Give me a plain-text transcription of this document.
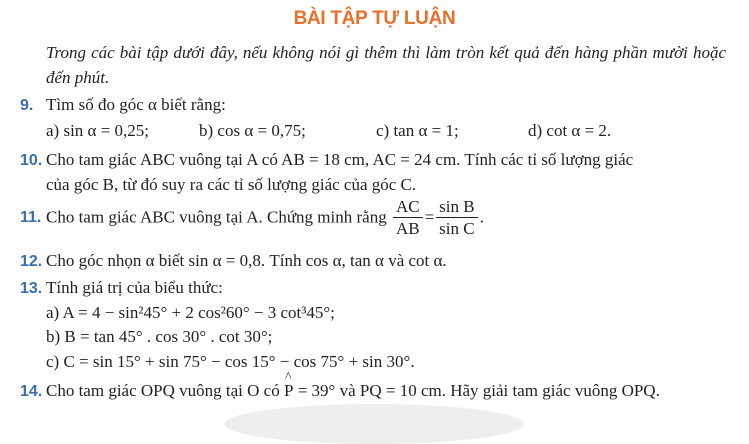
BÀI TẬP TỰ LUẬN
Trong các bài tập dưới đây, nếu không nói gì thêm thì làm tròn kết quả đến hàng phần mười hoặc đến phút.
9. Tìm số đo góc α biết rằng:
a) sin α = 0,25;	b) cos α = 0,75;	c) tan α = 1;	d) cot α = 2.
10. Cho tam giác ABC vuông tại A có AB = 18 cm, AC = 24 cm. Tính các tỉ số lượng giác
của góc B, từ đó suy ra các tỉ số lượng giác của góc C.
11. Cho tam giác ABC vuông tại A. Chứng minh rằng $\frac{AC}{AB} = \frac{\text{sin B}}{\text{sin C}}$ .
12. Cho góc nhọn α biết sin α = 0,8. Tính cos α, tan α và cot α.
13. Tính giá trị của biểu thức:
a) A = 4 − sin²45° + 2 cos²60° − 3 cot³45°;
b) B = tan 45° . cos 30° . cot 30°;
c) C = sin 15° + sin 75° − cos 15° − cos 75° + sin 30°.
14. Cho tam giác OPQ vuông tại O có ^ P = 39° và PQ = 10 cm. Hãy giải tam giác vuông OPQ.
